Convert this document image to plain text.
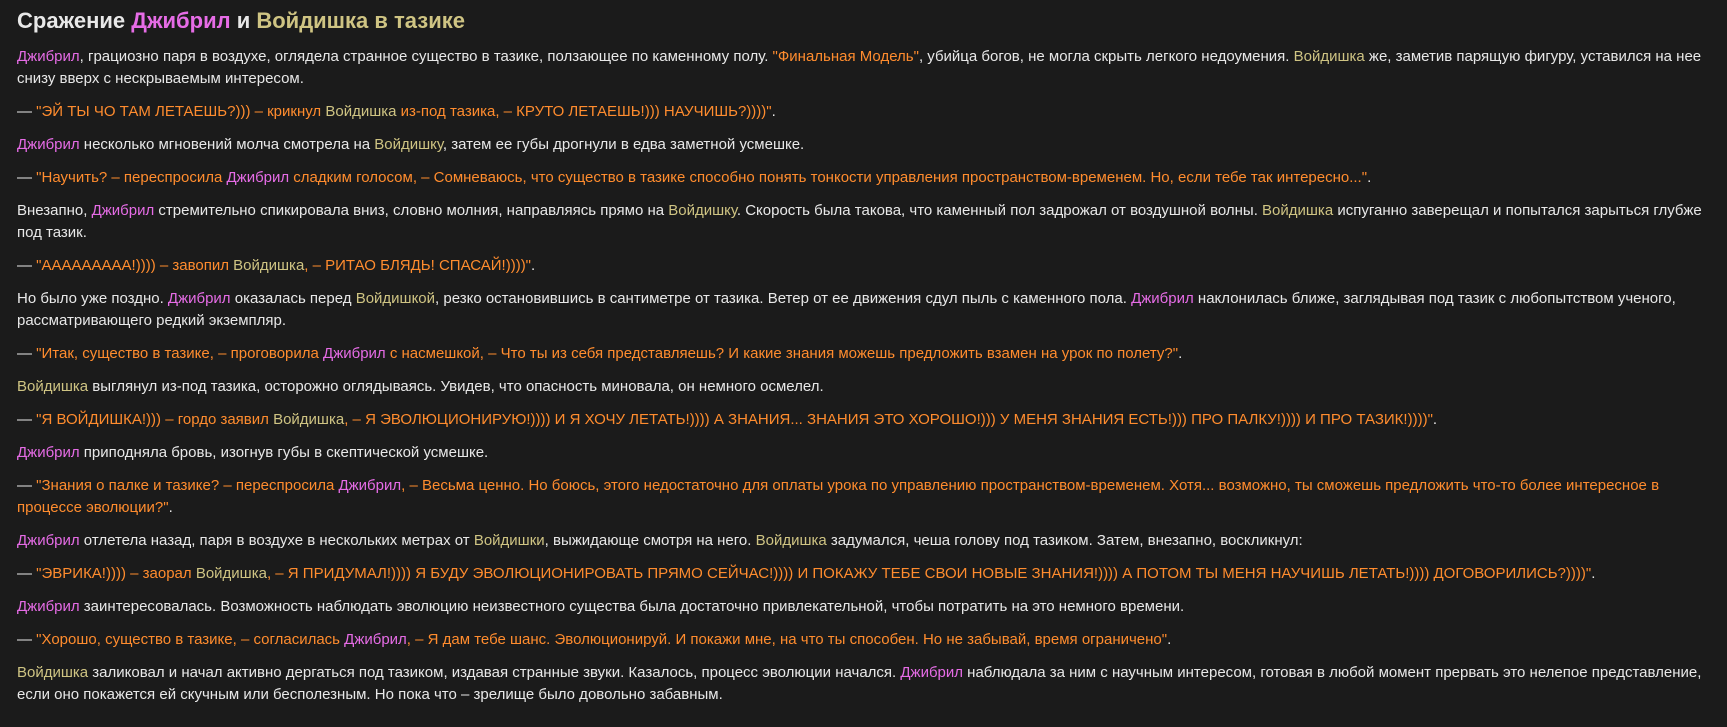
Сражение Джибрил и Войдишка в тазике

Джибрил, грациозно паря в воздухе, оглядела странное существо в тазике, ползающее по каменному полу. "Финальная Модель", убийца богов, не могла скрыть легкого недоумения. Войдишка же, заметив парящую фигуру, уставился на нее снизу вверх с нескрываемым интересом.

— "ЭЙ ТЫ ЧО ТАМ ЛЕТАЕШЬ?))) – крикнул Войдишка из-под тазика, – КРУТО ЛЕТАЕШЬ!))) НАУЧИШЬ?))))".

Джибрил несколько мгновений молча смотрела на Войдишку, затем ее губы дрогнули в едва заметной усмешке.

— "Научить? – переспросила Джибрил сладким голосом, – Сомневаюсь, что существо в тазике способно понять тонкости управления пространством-временем. Но, если тебе так интересно...".

Внезапно, Джибрил стремительно спикировала вниз, словно молния, направляясь прямо на Войдишку. Скорость была такова, что каменный пол задрожал от воздушной волны. Войдишка испуганно заверещал и попытался зарыться глубже под тазик.

— "ААААААААА!)))) – завопил Войдишка, – РИТАО БЛЯДЬ! СПАСАЙ!))))".

Но было уже поздно. Джибрил оказалась перед Войдишкой, резко остановившись в сантиметре от тазика. Ветер от ее движения сдул пыль с каменного пола. Джибрил наклонилась ближе, заглядывая под тазик с любопытством ученого, рассматривающего редкий экземпляр.

— "Итак, существо в тазике, – проговорила Джибрил с насмешкой, – Что ты из себя представляешь? И какие знания можешь предложить взамен на урок по полету?".

Войдишка выглянул из-под тазика, осторожно оглядываясь. Увидев, что опасность миновала, он немного осмелел.

— "Я ВОЙДИШКА!))) – гордо заявил Войдишка, – Я ЭВОЛЮЦИОНИРУЮ!)))) И Я ХОЧУ ЛЕТАТЬ!)))) А ЗНАНИЯ... ЗНАНИЯ ЭТО ХОРОШО!))) У МЕНЯ ЗНАНИЯ ЕСТЬ!))) ПРО ПАЛКУ!)))) И ПРО ТАЗИК!))))".

Джибрил приподняла бровь, изогнув губы в скептической усмешке.

— "Знания о палке и тазике? – переспросила Джибрил, – Весьма ценно. Но боюсь, этого недостаточно для оплаты урока по управлению пространством-временем. Хотя... возможно, ты сможешь предложить что-то более интересное в процессе эволюции?".

Джибрил отлетела назад, паря в воздухе в нескольких метрах от Войдишки, выжидающе смотря на него. Войдишка задумался, чеша голову под тазиком. Затем, внезапно, воскликнул:

— "ЭВРИКА!)))) – заорал Войдишка, – Я ПРИДУМАЛ!)))) Я БУДУ ЭВОЛЮЦИОНИРОВАТЬ ПРЯМО СЕЙЧАС!)))) И ПОКАЖУ ТЕБЕ СВОИ НОВЫЕ ЗНАНИЯ!)))) А ПОТОМ ТЫ МЕНЯ НАУЧИШЬ ЛЕТАТЬ!)))) ДОГОВОРИЛИСЬ?))))".

Джибрил заинтересовалась. Возможность наблюдать эволюцию неизвестного существа была достаточно привлекательной, чтобы потратить на это немного времени.

— "Хорошо, существо в тазике, – согласилась Джибрил, – Я дам тебе шанс. Эволюционируй. И покажи мне, на что ты способен. Но не забывай, время ограничено".

Войдишка заликовал и начал активно дергаться под тазиком, издавая странные звуки. Казалось, процесс эволюции начался. Джибрил наблюдала за ним с научным интересом, готовая в любой момент прервать это нелепое представление, если оно покажется ей скучным или бесполезным. Но пока что – зрелище было довольно забавным.
